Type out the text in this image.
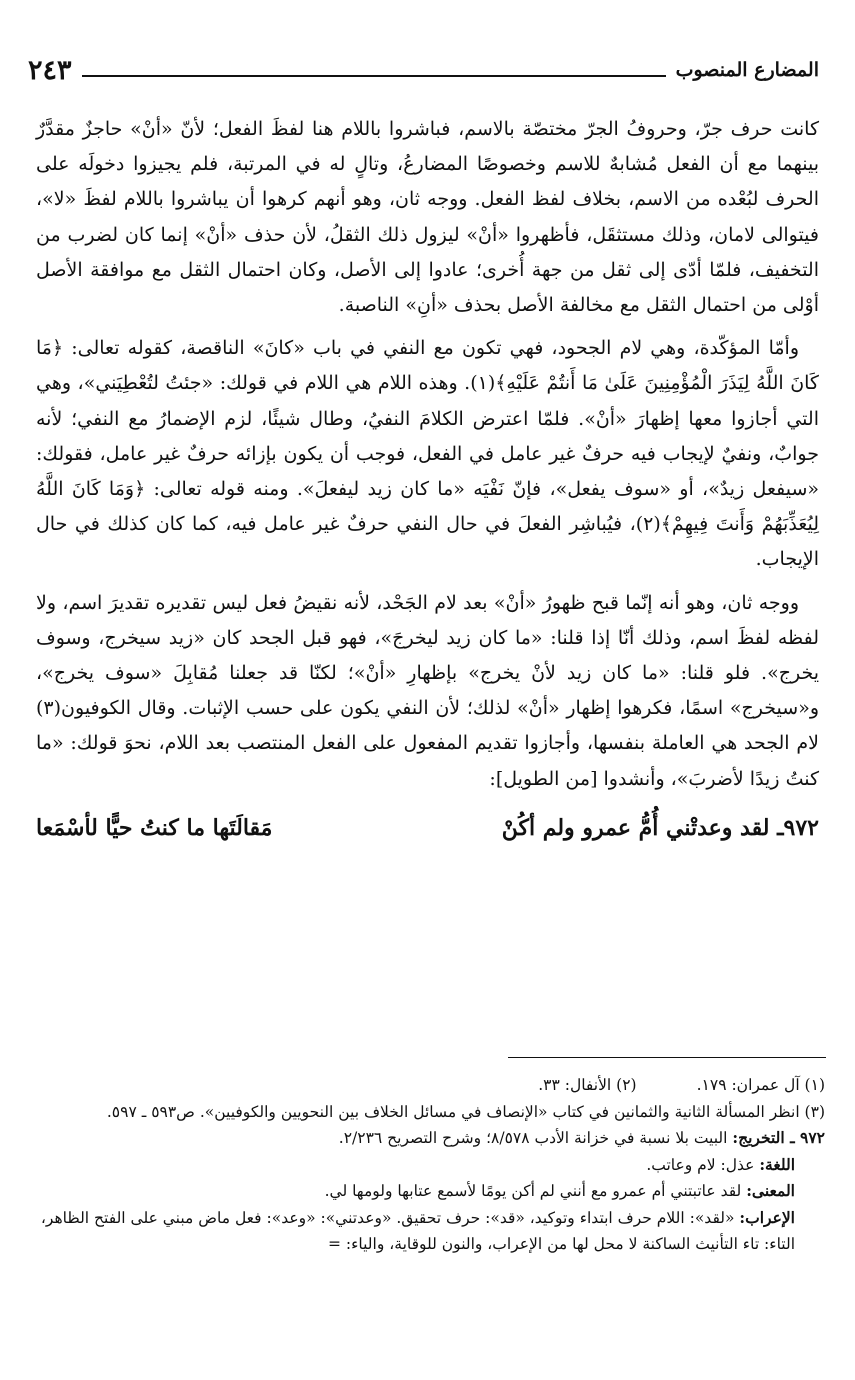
المضارع المنصوب
٢٤٣

كانت حرف جرّ، وحروفُ الجرّ مختصّة بالاسم، فباشروا باللام هنا لفظَ الفعل؛ لأنّ «أنْ» حاجزٌ مقدَّرٌ بينهما مع أن الفعل مُشابهٌ للاسم وخصوصًا المضارعُ، وتالٍ له في المرتبة، فلم يجيزوا دخولَه على الحرف لبُعْده من الاسم، بخلاف لفظ الفعل. ووجه ثان، وهو أنهم كرهوا أن يباشروا باللام لفظَ «لا»، فيتوالى لامان، وذلك مستثقَل، فأظهروا «أنْ» ليزول ذلك الثقلُ، لأن حذف «أنْ» إنما كان لضرب من التخفيف، فلمّا أدّى إلى ثقل من جهة أُخرى؛ عادوا إلى الأصل، وكان احتمال الثقل مع موافقة الأصل أوْلى من احتمال الثقل مع مخالفة الأصل بحذف «أنِ» الناصبة.

وأمّا المؤكّدة، وهي لام الجحود، فهي تكون مع النفي في باب «كانَ» الناقصة، كقوله تعالى: ﴿مَا كَانَ اللَّهُ لِيَذَرَ الْمُؤْمِنِينَ عَلَىٰ مَا أَنتُمْ عَلَيْهِ﴾(١). وهذه اللام هي اللام في قولك: «جئتُ لتُعْطِيَني»، وهي التي أجازوا معها إظهارَ «أنْ». فلمّا اعترض الكلامَ النفيُ، وطال شيئًا، لزم الإضمارُ مع النفي؛ لأنه جوابٌ، ونفيٌ لإيجاب فيه حرفٌ غير عامل في الفعل، فوجب أن يكون بإزائه حرفٌ غير عامل، فقولك: «سيفعل زيدٌ»، أو «سوف يفعل»، فإنّ نَفْيَه «ما كان زيد ليفعلَ». ومنه قوله تعالى: ﴿وَمَا كَانَ اللَّهُ لِيُعَذِّبَهُمْ وَأَنتَ فِيهِمْ﴾(٢)، فيُباشِر الفعلَ في حال النفي حرفٌ غير عامل فيه، كما كان كذلك في حال الإيجاب.

ووجه ثان، وهو أنه إنّما قبح ظهورُ «أنْ» بعد لام الجَحْد، لأنه نقيضُ فعل ليس تقديره تقديرَ اسم، ولا لفظه لفظَ اسم، وذلك أنّا إذا قلنا: «ما كان زيد ليخرجَ»، فهو قبل الجحد كان «زيد سيخرج، وسوف يخرج». فلو قلنا: «ما كان زيد لأنْ يخرج» بإظهارِ «أنْ»؛ لكنّا قد جعلنا مُقابِلَ «سوف يخرج»، و«سيخرج» اسمًا، فكرهوا إظهار «أنْ» لذلك؛ لأن النفي يكون على حسب الإثبات. وقال الكوفيون(٣) لام الجحد هي العاملة بنفسها، وأجازوا تقديم المفعول على الفعل المنتصب بعد اللام، نحوَ قولك: «ما كنتُ زيدًا لأضربَ»، وأنشدوا [من الطويل]:

٩٧٢ـ لقد وعدتْني أُمُّ عمرو ولم أكُنْ
مَقالَتَها ما كنتُ حيًّا لأسْمَعا
(١) آل عمران: ١٧٩.
(٢) الأنفال: ٣٣.

(٣) انظر المسألة الثانية والثمانين في كتاب «الإنصاف في مسائل الخلاف بين النحويين والكوفيين». ص٥٩٣ ـ ٥٩٧.

٩٧٢ ـ التخريج: البيت بلا نسبة في خزانة الأدب ٨/٥٧٨؛ وشرح التصريح ٢/٢٣٦.

اللغة: عذل: لام وعاتب.

المعنى: لقد عاتبتني أم عمرو مع أنني لم أكن يومًا لأسمع عتابها ولومها لي.

الإعراب: «لقد»: اللام حرف ابتداء وتوكيد، «قد»: حرف تحقيق. «وعدتني»: «وعد»: فعل ماض مبني على الفتح الظاهر، التاء: تاء التأنيث الساكنة لا محل لها من الإعراب، والنون للوقاية، والياء: =
